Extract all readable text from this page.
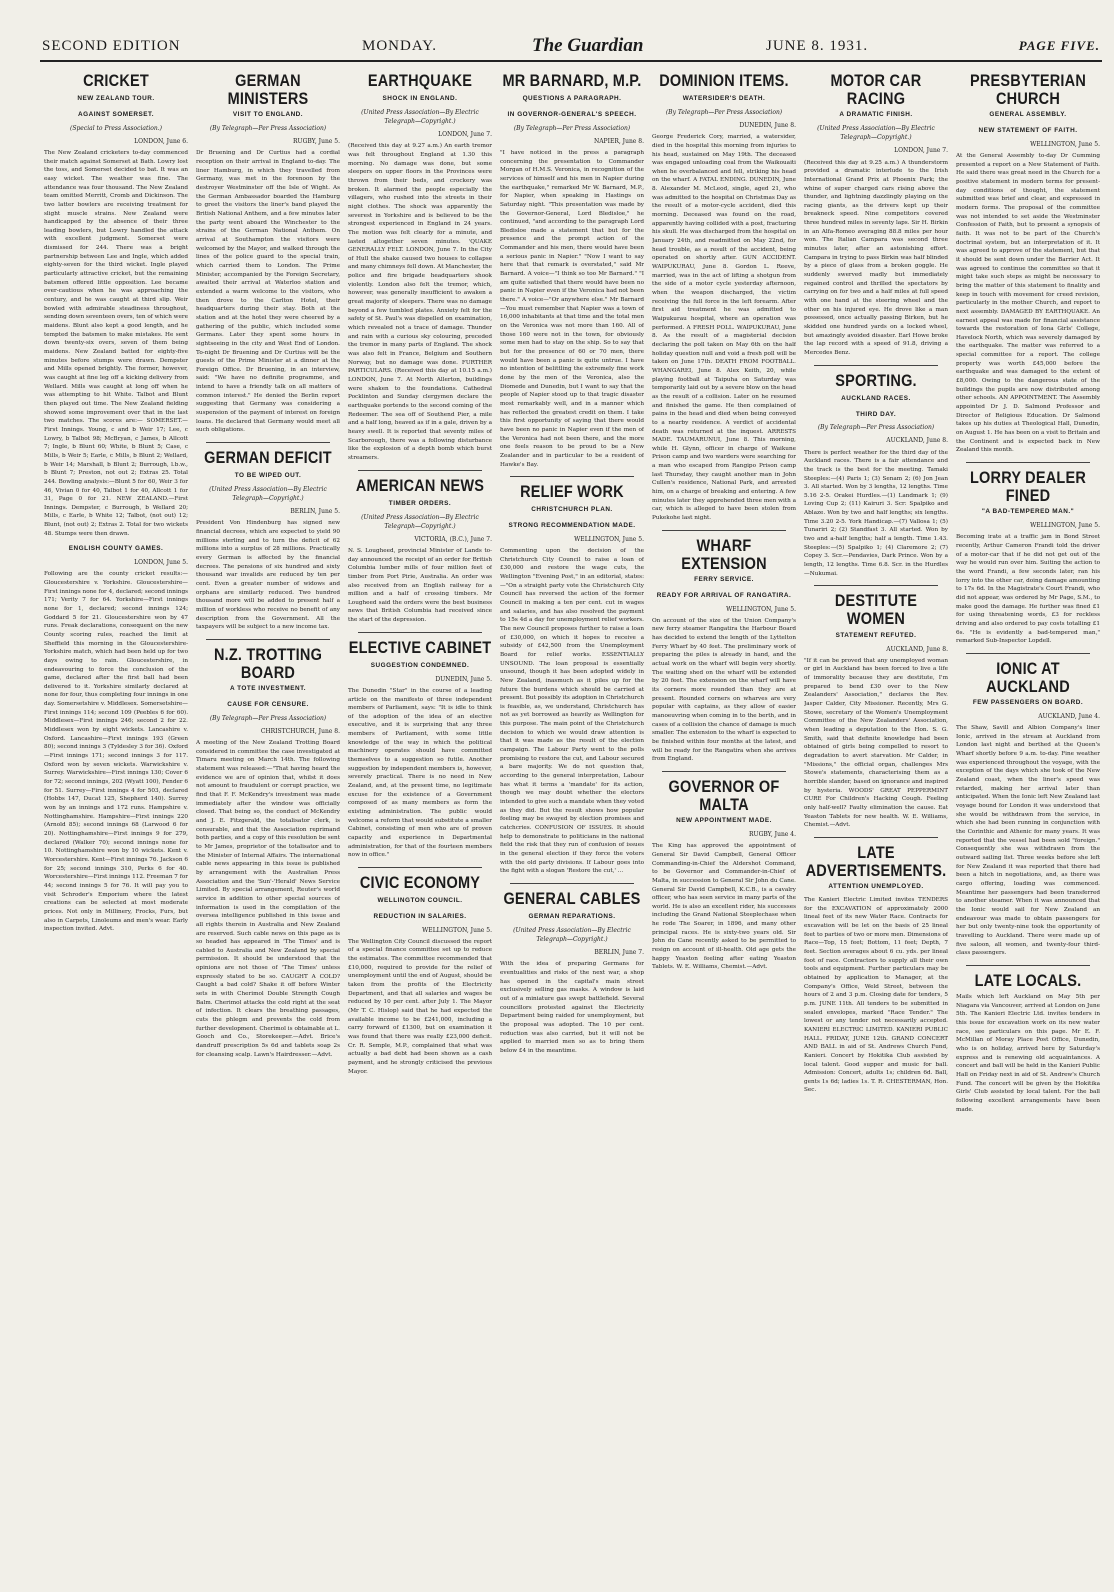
SECOND EDITION	MONDAY.	The Guardian	JUNE 8. 1931.	PAGE FIVE.
CRICKET
NEW ZEALAND TOUR.
AGAINST SOMERSET.
(Special to Press Association.)
LONDON, June 6.

The New Zealand cricketers to-day commenced their match against Somerset at Bath. Lowry lost the toss, and Somerset decided to bat. It was an easy wicket. The weather was fine. The attendance was four thousand. The New Zealand team omitted Merritt, Cromb and Dickinson. The two latter bowlers are receiving treatment for slight muscle strains. New Zealand were handicapped by the absence of their three leading bowlers, but Lowry handled the attack with excellent judgment. Somerset were dismissed for 244. There was a bright partnership between Lee and Ingle, which added eighty-seven for the third wicket. Ingle played particularly attractive cricket, but the remaining batsmen offered little opposition. Lee became over-cautious when he was approaching the century, and he was caught at third slip. Weir bowled with admirable steadiness throughout, sending down seventeen overs, ten of which were maidens. Blunt also kept a good length, and he tempted the batsmen to make mistakes. He sent down twenty-six overs, seven of them being maidens. New Zealand batted for eighty-five minutes before stumps were drawn. Dempster and Mills opened brightly. The former, however, was caught at fine leg off a kicking delivery from Wellard. Mills was caught at long off when he was attempting to hit White. Talbot and Blunt then played out time. The New Zealand fielding showed some improvement over that in the last two matches. The scores are:— SOMERSET.—First Innings. Young, c and b Weir 17; Lee, c Lowry, b Talbot 98; McBryan, c James, b Allcott 7; Ingle, b Blunt 60; White, b Blunt 5; Case, c Mills, b Weir 5; Earle, c Mills, b Blunt 2; Wellard, b Weir 14; Marshall, b Blunt 2; Burrough, l.b.w., b Blunt 7; Preston, not out 2; Extras 25. Total 244. Bowling analysis:—Blunt 5 for 60, Weir 3 for 46, Vivian 0 for 40, Talbot 1 for 40, Allcott 1 for 31, Page 0 for 21. NEW ZEALAND.—First Innings. Dempster, c Burrough, b Wellard 20; Mills, c Earle, b White 12; Talbot, (not out) 12; Blunt, (not out) 2; Extras 2. Total for two wickets 48. Stumps were then drawn.

ENGLISH COUNTY GAMES.
LONDON, June 5.

Following are the county cricket results:— Gloucestershire v. Yorkshire. Gloucestershire—First innings none for 4, declared; second innings 171; Verity 7 for 64. Yorkshire—First innings none for 1, declared; second innings 124; Goddard 5 for 21. Gloucestershire won by 47 runs. Freak declarations, consequent on the new County scoring rules, reached the limit at Sheffield this morning in the Gloucestershire-Yorkshire match, which had been held up for two days owing to rain. Gloucestershire, in endeavouring to force the conclusion of the game, declared after the first ball had been delivered to it. Yorkshire similarly declared at none for four, thus completing four innings in one day. Somersetshire v. Middlesex. Somersetshire—First innings 114; second 109 (Peebles 6 for 60). Middlesex—First innings 246; second 2 for 22. Middlesex won by eight wickets. Lancashire v. Oxford. Lancashire—First innings 193 (Green 80); second innings 3 (Tyldesley 3 for 36). Oxford—First innings 171; second innings 3 for 117. Oxford won by seven wickets. Warwickshire v. Surrey. Warwickshire—First innings 130; Cover 6 for 72; second innings, 202 (Wyatt 100), Fender 6 for 51. Surrey—First innings 4 for 503, declared (Hobbs 147, Ducat 125, Shepherd 140). Surrey won by an innings and 172 runs. Hampshire v. Nottinghamshire. Hampshire—First innings 220 (Arnold 85); second innings 68 (Larwood 6 for 20). Nottinghamshire—First innings 9 for 279, declared (Walker 70); second innings none for 10. Nottinghamshire won by 10 wickets. Kent v. Worcestershire. Kent—First innings 76. Jackson 6 for 25; second innings 310, Perks 6 for 40. Worcestershire—First innings 112. Freeman 7 for 44; second innings 5 for 76. It will pay you to visit Schroder's Emporium where the latest creations can be selected at most moderate prices. Not only in Millinery, Frocks, Furs, but also in Carpets, Linoleums and men's wear. Early inspection invited. Advt.

GERMAN MINISTERS
VISIT TO ENGLAND.
(By Telegraph—Per Press Association)
RUGBY, June 5.

Dr Bruening and Dr Curtius had a cordial reception on their arrival in England to-day. The liner Hamburg, in which they travelled from Germany, was met in the forenoon by the destroyer Westminster off the Isle of Wight. As the German Ambassador boarded the Hamburg to greet the visitors the liner's band played the British National Anthem, and a few minutes later the party went aboard the Winchester to the strains of the German National Anthem. On arrival at Southampton the visitors were welcomed by the Mayor, and walked through the lines of the police guard to the special train, which carried them to London. The Prime Minister, accompanied by the Foreign Secretary, awaited their arrival at Waterloo station and extended a warm welcome to the visitors, who then drove to the Carlton Hotel, their headquarters during their stay. Both at the station and at the hotel they were cheered by a gathering of the public, which included some Germans. Later they spent some hours in sightseeing in the city and West End of London. To-night Dr Bruening and Dr Curtius will be the guests of the Prime Minister at a dinner at the Foreign Office. Dr Bruening, in an interview, said: "We have no definite programme, and intend to have a friendly talk on all matters of common interest." He denied the Berlin report suggesting that Germany was considering a suspension of the payment of interest on foreign loans. He declared that Germany would meet all such obligations.

GERMAN DEFICIT
TO BE WIPED OUT.
(United Press Association—By Electric Telegraph—Copyright.)
BERLIN, June 5.

President Von Hindenburg has signed new financial decrees, which are expected to yield 90 millions sterling and to turn the deficit of 62 millions into a surplus of 28 millions. Practically every German is affected by the financial decrees. The pensions of six hundred and sixty thousand war invalids are reduced by ten per cent. Even a greater number of widows and orphans are similarly reduced. Two hundred thousand more will be added to present half a million of workless who receive no benefit of any description from the Government. All the taxpayers will be subject to a new income tax.

N.Z. TROTTING BOARD
A TOTE INVESTMENT.
CAUSE FOR CENSURE.
(By Telegraph—Per Press Association)
CHRISTCHURCH, June 8.

A meeting of the New Zealand Trotting Board considered in committee the case investigated at Timaru meeting on March 14th. The following statement was released:—"That having heard the evidence we are of opinion that, whilst it does not amount to fraudulent or corrupt practice, we find that F. F. McKendry's investment was made immediately after the window was officially closed. That being so, the conduct of McKendry and J. E. Fitzgerald, the totalisator clerk, is censurable, and that the Association reprimand both parties, and a copy of this resolution be sent to Mr James, proprietor of the totalisator and to the Minister of Internal Affairs. The international cable news appearing in this issue is published by arrangement with the Australian Press Association and the 'Sun'-'Herald' News Service Limited. By special arrangement, Reuter's world service in addition to other special sources of information is used in the compilation of the oversea intelligence published in this issue and all rights therein in Australia and New Zealand are reserved. Such cable news on this page as is so headed has appeared in 'The Times' and is cabled to Australia and New Zealand by special permission. It should be understood that the opinions are not those of 'The Times' unless expressly stated to be so. CAUGHT A COLD? Caught a bad cold? Shake it off before Winter sets in with Cherimol Double Strength Cough Balm. Cherimol attacks the cold right at the seat of infection. It clears the breathing passages, cuts the phlegm and prevents the cold from further development. Cherimol is obtainable at L. Gooch and Co., Storekeeper.—Advt. Brice's dandruff prescription 5s 6d and tablets soap 2s for cleansing scalp. Lawn's Hairdresser.—Advt.

EARTHQUAKE
SHOCK IN ENGLAND.
(United Press Association—By Electric Telegraph—Copyright.)
LONDON, June 7.

(Received this day at 9.27 a.m.) An earth tremor was felt throughout England at 1.30 this morning. No damage was done, but some sleepers on upper floors in the Provinces were thrown from their beds, and crockery was broken. It alarmed the people especially the villagers, who rushed into the streets in their night clothes. The shock was apparently the severest in Yorkshire and is believed to be the strongest experienced in England in 24 years. The motion was felt clearly for a minute, and lasted altogether seven minutes. 'QUAKE GENERALLY FELT. LONDON, June 7. In the City of Hull the shake caused two houses to collapse and many chimneys fell down. At Manchester, the police and fire brigade headquarters shook violently. London also felt the tremor, which, however, was generally insufficient to awaken a great majority of sleepers. There was no damage beyond a few tumbled plates. Anxiety felt for the safety of St. Paul's was dispelled on examination, which revealed not a trace of damage. Thunder and rain with a curious sky colouring, preceded the tremor in many parts of England. The shock was also felt in France, Belgium and Southern Norway, but no damage was done. FURTHER PARTICULARS. (Received this day at 10.15 a.m.) LONDON, June 7. At North Allerton, buildings were shaken to the foundations. Cathedral Pocklinton and Sunday clergymen declare the earthquake portends to the second coming of the Redeemer. The sea off of Southend Pier, a mile and a half long, heaved as if in a gale, driven by a heavy swell. It is reported that seventy miles of Scarborough, there was a following disturbance like the explosion of a depth bomb which burst streamers.

AMERICAN NEWS
TIMBER ORDERS.
(United Press Association—By Electric Telegraph—Copyright.)
VICTORIA, (B.C.), June 7.

N. S. Lougheed, provincial Minister of Lands to-day announced the receipt of an order for British Columbia lumber mills of four million feet of timber from Port Pirie, Australia. An order was also received from an English railway for a million and a half of crossing timbers. Mr Lougheed said the orders were the best business news that British Columbia had received since the start of the depression.

ELECTIVE CABINET
SUGGESTION CONDEMNED.
DUNEDIN, June 5.

The Dunedin "Star" in the course of a leading article on the manifesto of three independent members of Parliament, says: "It is idle to think of the adoption of the idea of an elective executive, and it is surprising that any three members of Parliament, with some little knowledge of the way in which the political machinery operates should have committed themselves to a suggestion so futile. Another suggestion by independent members is, however, severely practical. There is no need in New Zealand, and, at the present time, no legitimate excuse for the existence of a Government composed of as many members as form the existing administration. The public would welcome a reform that would substitute a smaller Cabinet, consisting of men who are of proven capacity and experience in Departmental administration, for that of the fourteen members now in office."

CIVIC ECONOMY
WELLINGTON COUNCIL.
REDUCTION IN SALARIES.
WELLINGTON, June 5.

The Wellington City Council discussed the report of a special finance committee set up to reduce the estimates. The committee recommended that £10,000, required to provide for the relief of unemployment until the end of August, should be taken from the profits of the Electricity Department, and that all salaries and wages be reduced by 10 per cent. after July 1. The Mayor (Mr T. C. Hislop) said that he had expected the available income to be £241,000, including a carry forward of £1300, but on examination it was found that there was really £23,000 deficit. Cr. R. Semple, M.P., complained that what was actually a bad debt had been shown as a cash payment, and he strongly criticised the previous Mayor.

MR BARNARD, M.P.
QUESTIONS A PARAGRAPH.
IN GOVERNOR-GENERAL'S SPEECH.
(By Telegraph—Per Press Association)
NAPIER, June 8.

"I have noticed in the press a paragraph concerning the presentation to Commander Morgan of H.M.S. Veronica, in recognition of the services of himself and his men in Napier during the earthquake," remarked Mr W. Barnard, M.P., for Napier, when speaking in Hastings on Saturday night. "This presentation was made by the Governor-General, Lord Bledisloe," he continued, "and according to the paragraph Lord Bledisloe made a statement that but for the presence and the prompt action of the Commander and his men, there would have been a serious panic in Napier." "Now I want to say here that that remark is overstated," said Mr Barnard. A voice—"I think so too Mr Barnard." "I am quite satisfied that there would have been no panic in Napier even if the Veronica had not been there." A voice—"Or anywhere else." Mr Barnard—You must remember that Napier was a town of 16,000 inhabitants at that time and the total men on the Veronica was not more than 160. All of those 160 were not in the town, for obviously some men had to stay on the ship. So to say that but for the presence of 60 or 70 men, there would have been a panic is quite untrue. I have no intention of belittling the extremely fine work done by the men of the Veronica, also the Diomede and Dunedin, but I want to say that the people of Napier stood up to that tragic disaster most remarkably well, and in a manner which has reflected the greatest credit on them. I take this first opportunity of saying that there would have been no panic in Napier even if the men of the Veronica had not been there, and the more one feels reason to be proud to be a New Zealander and in particular to be a resident of Hawke's Bay.

RELIEF WORK
CHRISTCHURCH PLAN.
STRONG RECOMMENDATION MADE.
WELLINGTON, June 5.

Commenting upon the decision of the Christchurch City Council to raise a loan of £30,000 and restore the wage cuts, the Wellington "Evening Post," in an editorial, states:—"On a straight party vote the Christchurch City Council has reversed the action of the former Council in making a ten per cent. cut in wages and salaries, and has also resolved the payment to 15s 4d a day for unemployment relief workers. The new Council proposes further to raise a loan of £30,000, on which it hopes to receive a subsidy of £42,500 from the Unemployment Board for relief works. ESSENTIALLY UNSOUND. The loan proposal is essentially unsound, though it has been adopted widely in New Zealand, inasmuch as it piles up for the future the burdens which should be carried at present. But possibly its adoption in Christchurch is feasible, as, we understand, Christchurch has not as yet borrowed as heavily as Wellington for this purpose. The main point of the Christchurch decision to which we would draw attention is that it was made as the result of the election campaign. The Labour Party went to the polls promising to restore the cut, and Labour secured a bare majority. We do not question that, according to the general interpretation, Labour has what it terms a 'mandate' for its action, though we may doubt whether the electors intended to give such a mandate when they voted as they did. But the result shows how popular feeling may be swayed by election promises and catchcries. CONFUSION OF ISSUES. It should help to demonstrate to politicians in the national field the risk that they run of confusion of issues in the general election if they force the voters with the old party divisions. If Labour goes into the fight with a slogan 'Restore the cut,' ...

GENERAL CABLES
GERMAN REPARATIONS.
(United Press Association—By Electric Telegraph—Copyright.)
BERLIN, June 7.

With the idea of preparing Germans for eventualities and risks of the next war, a shop has opened in the capital's main street exclusively selling gas masks. A window is laid out of a miniature gas swept battlefield. Several councillors protested against the Electricity Department being raided for unemployment, but the proposal was adopted. The 10 per cent. reduction was also carried, but it will not be applied to married men so as to bring them below £4 in the meantime.

DOMINION ITEMS.
WATERSIDER'S DEATH.
(By Telegraph—Per Press Association)
DUNEDIN, June 8.

George Frederick Cory, married, a watersider, died in the hospital this morning from injuries to his head, sustained on May 19th. The deceased was engaged unloading coal from the Waikouaiti when he overbalanced and fell, striking his head on the wharf. A FATAL ENDING. DUNEDIN, June 8. Alexander M. McLeod, single, aged 21, who was admitted to the hospital on Christmas Day as the result of a motor-cycle accident, died this morning. Deceased was found on the road, apparently having collided with a post, fracturing his skull. He was discharged from the hospital on January 24th, and readmitted on May 22nd, for head trouble, as a result of the accident, being operated on shortly after. GUN ACCIDENT. WAIPUKURAU, June 8. Gordon L. Reeve, married, was in the act of lifting a shotgun from the side of a motor cycle yesterday afternoon, when the weapon discharged, the victim receiving the full force in the left forearm. After first aid treatment he was admitted to Waipukurau hospital, where an operation was performed. A FRESH POLL. WAIPUKURAU, June 8. As the result of a magisterial decision declaring the poll taken on May 6th on the half holiday question null and void a fresh poll will be taken on June 17th. DEATH FROM FOOTBALL. WHANGAREI, June 8. Alex Keith, 20, while playing football at Taipuha on Saturday was temporarily laid out by a severe blow on the head as the result of a collision. Later on he resumed and finished the game. He then complained of pains in the head and died when being conveyed to a nearby residence. A verdict of accidental death was returned at the inquest. ARRESTS MADE. TAUMARUNUI, June 8. This morning, while H. Glynn, officer in charge of Waikune Prison camp and two warders were searching for a man who escaped from Rangipo Prison camp last Thursday, they caught another man in John Cullen's residence, National Park, and arrested him, on a charge of breaking and entering. A few minutes later they apprehended three men with a car, which is alleged to have been stolen from Pukekohe last night.

WHARF EXTENSION
FERRY SERVICE.
READY FOR ARRIVAL OF RANGATIRA.
WELLINGTON, June 5.

On account of the size of the Union Company's new ferry steamer Rangatira the Harbour Board has decided to extend the length of the Lyttelton Ferry Wharf by 40 feet. The preliminary work of preparing the piles is already in hand, and the actual work on the wharf will begin very shortly. The waiting shed on the wharf will be extended by 20 feet. The extension on the wharf will have its corners more rounded than they are at present. Rounded corners on wharves are very popular with captains, as they allow of easier manoeuvring when coming in to the berth, and in cases of a collision the chance of damage is much smaller. The extension to the wharf is expected to be finished within four months at the latest, and will be ready for the Rangatira when she arrives from England.

GOVERNOR OF MALTA
NEW APPOINTMENT MADE.
RUGBY, June 4.

The King has approved the appointment of General Sir David Campbell, General Officer Commanding-in-Chief the Aldershot Command, to be Governor and Commander-in-Chief of Malta, in succession to General Sir John du Cane. General Sir David Campbell, K.C.B., is a cavalry officer, who has seen service in many parts of the world. He is also an excellent rider, his successes including the Grand National Steeplechase when he rode The Soarer, in 1896, and many other principal races. He is sixty-two years old. Sir John du Cane recently asked to be permitted to resign on account of ill-health. Old age gets the happy Yeaston feeling after eating Yeaston Tablets. W. E. Williams, Chemist.—Advt.

MOTOR CAR RACING
A DRAMATIC FINISH.
(United Press Association—By Electric Telegraph—Copyright.)
LONDON, June 7.

(Received this day at 9.25 a.m.) A thunderstorm provided a dramatic interlude to the Irish International Grand Prix at Phoenix Park; the whine of super charged cars rising above the thunder, and lightning dazzlingly playing on the racing giants, as the drivers kept up their breakneck speed. Nine competitors covered three hundred miles in seventy laps. Sir H. Birkin in an Alfa-Romeo averaging 88.8 miles per hour won. The Italian Campara was second three minutes later, after an astonishing effort. Campara in trying to pass Birkin was half blinded by a piece of glass from a broken goggle. He suddenly swerved madly but immediately regained control and thrilled the spectators by carrying on for two and a half miles at full speed with one hand at the steering wheel and the other on his injured eye. He drove like a man possessed, once actually passing Birken, but he skidded one hundred yards on a locked wheel, but amazingly avoided disaster. Earl Howe broke the lap record with a speed of 91.8, driving a Mercedes Benz.

SPORTING.
AUCKLAND RACES.
THIRD DAY.
(By Telegraph—Per Press Association)
AUCKLAND, June 8.

There is perfect weather for the third day of the Auckland races. There is a fair attendance and the track is the best for the meeting. Tamaki Steeples:—(4) Paris 1; (3) Senam 2; (6) Jon Jean 3. All started. Won by 3 lengths, 12 lengths. Time 5.16 2-5. Orakei Hurdles.—(1) Landmark 1; (9) Loving Cup 2; (11) Kairuri 3. Scr: Spalpiko and Ablaze. Won by two and half lengths; six lengths. Time 3.20 2-5. York Handicap.—(7) Vallosa 1; (5) Tunariri 2; (2) Standfast 3. All started. Won by two and a-half lengths; half a length. Time 1.43. Steeples:—(5) Spalpiko 1; (4) Claremore 2; (7) Copey 3. Scr.—Pendavies, Dark Prince. Won by a length, 12 lengths. Time 6.8. Scr. in the Hurdles—Nukumai.

DESTITUTE WOMEN
STATEMENT REFUTED.
AUCKLAND, June 8.

"If it can be proved that any unemployed woman or girl in Auckland has been forced to live a life of immorality because they are destitute, I'm prepared to bend £30 over to the New Zealanders' Association," declares the Rev. Jasper Calder, City Missioner. Recently, Mrs G. Stowe, secretary of the Women's Unemployment Committee of the New Zealanders' Association, when leading a deputation to the Hon. S. G. Smith, said that definite knowledge had been obtained of girls being compelled to resort to degradation to avert starvation. Mr Calder, in "Missions," the official organ, challenges Mrs Stowe's statements, characterising them as a horrible slander, based on ignorance and inspired by hysteria. WOODS' GREAT PEPPERMINT CURE For Children's Hacking Cough. Feeling only half-well? Faulty elimination the cause. Eat Yeaston Tablets for new health. W. E. Williams, Chemist.—Advt.

LATE ADVERTISEMENTS.
ATTENTION UNEMPLOYED.

The Kanieri Electric Limited invites TENDERS for the EXCAVATION of approximately 2000 lineal feet of its new Water Race. Contracts for excavation will be let on the basis of 25 lineal feet to parties of two or more men. Dimensions of Race—Top, 15 feet; Bottom, 11 feet; Depth, 7 feet. Section averages about 6 cu. yds. per lineal foot of race. Contractors to supply all their own tools and equipment. Further particulars may be obtained by application to Manager, at the Company's Office, Weld Street, between the hours of 2 and 3 p.m. Closing date for tenders, 5 p.m. JUNE 11th. All tenders to be submitted in sealed envelopes, marked "Race Tender." The lowest or any tender not necessarily accepted. KANIERI ELECTRIC LIMITED. KANIERI PUBLIC HALL. FRIDAY, JUNE 12th. GRAND CONCERT AND BALL in aid of St. Andrews Church Fund, Kanieri. Concert by Hokitika Club assisted by local talent. Good supper and music for ball. Admission: Concert, adults 1s; children 6d. Ball, gents 1s 6d; ladies 1s. T. R. CHESTERMAN, Hon. Sec.

PRESBYTERIAN CHURCH
GENERAL ASSEMBLY.
NEW STATEMENT OF FAITH.
WELLINGTON, June 5.

At the General Assembly to-day Dr Cumming presented a report on a New Statement of Faith. He said there was great need in the Church for a positive statement in modern terms for present-day conditions of thought, the statement submitted was brief and clear, and expressed in modern forms. The proposal of the committee was not intended to set aside the Westminster Confession of Faith, but to present a synopsis of faith. It was not to be part of the Church's doctrinal system, but an interpretation of it. It was agreed to approve of the statement, but that it should be sent down under the Barrier Act. It was agreed to continue the committee so that it might take such steps as might be necessary to bring the matter of this statement to finality and keep in touch with movement for creed revision, particularly in the mother Church, and report to next assembly. DAMAGED BY EARTHQUAKE. An earnest appeal was made for financial assistance towards the restoration of Iona Girls' College, Havelock North, which was severely damaged by the earthquake. The matter was referred to a special committee for a report. The college property was worth £45,000 before the earthquake and was damaged to the extent of £8,000. Owing to the dangerous state of the buildings the pupils are now distributed among other schools. AN APPOINTMENT. The Assembly appointed Dr J. D. Salmond Professor and Director of Religious Education. Dr Salmond takes up his duties at Theological Hall, Dunedin, on August 1. He has been on a visit to Britain and the Continent and is expected back in New Zealand this month.

LORRY DEALER FINED
"A BAD-TEMPERED MAN."
WELLINGTON, June 5.

Becoming irate at a traffic jam in Bond Street recently, Arthur Cameron Frandi told the driver of a motor-car that if he did not get out of the way he would run over him. Suiting the action to the word Frandi, a few seconds later, ran his lorry into the other car, doing damage amounting to 17s 6d. In the Magistrate's Court Frandi, who did not appear, was ordered by Mr Page, S.M., to make good the damage. He further was fined £1 for using threatening words, £3 for reckless driving and also ordered to pay costs totalling £1 6s. "He is evidently a bad-tempered man," remarked Sub-Inspector Lopdell.

IONIC AT AUCKLAND
FEW PASSENGERS ON BOARD.
AUCKLAND, June 4.

The Shaw, Savill and Albion Company's liner Ionic, arrived in the stream at Auckland from London last night and berthed at the Queen's Wharf shortly before 9 a.m. to-day. Fine weather was experienced throughout the voyage, with the exception of the days which she took of the New Zealand coast, when the liner's speed was retarded, making her arrival later than anticipated. When the Ionic left New Zealand last voyage bound for London it was understood that she would be withdrawn from the service, in which she had been running in conjunction with the Corinthic and Athenic for many years. It was reported that the vessel had been sold "foreign." Consequently she was withdrawn from the outward sailing list. Three weeks before she left for New Zealand it was reported that there had been a hitch in negotiations, and, as there was cargo offering, loading was commenced. Meantime her passengers had been transferred to another steamer. When it was announced that the Ionic would sail for New Zealand an endeavour was made to obtain passengers for her but only twenty-nine took the opportunity of travelling to Auckland. There were made up of five saloon, all women, and twenty-four third-class passengers.

LATE LOCALS.

Mails which left Auckland on May 5th per Niagara via Vancouver, arrived at London on June 5th. The Kanieri Electric Ltd. invites tenders in this issue for excavation work on its new water race, see particulars on this page. Mr E. F. McMillan of Moray Place Post Office, Dunedin, who is on holiday, arrived here by Saturday's express and is renewing old acquaintances. A concert and ball will be held in the Kanieri Public Hall on Friday next in aid of St. Andrew's Church Fund. The concert will be given by the Hokitika Girls' Club assisted by local talent. For the ball following excellent arrangements have been made.
